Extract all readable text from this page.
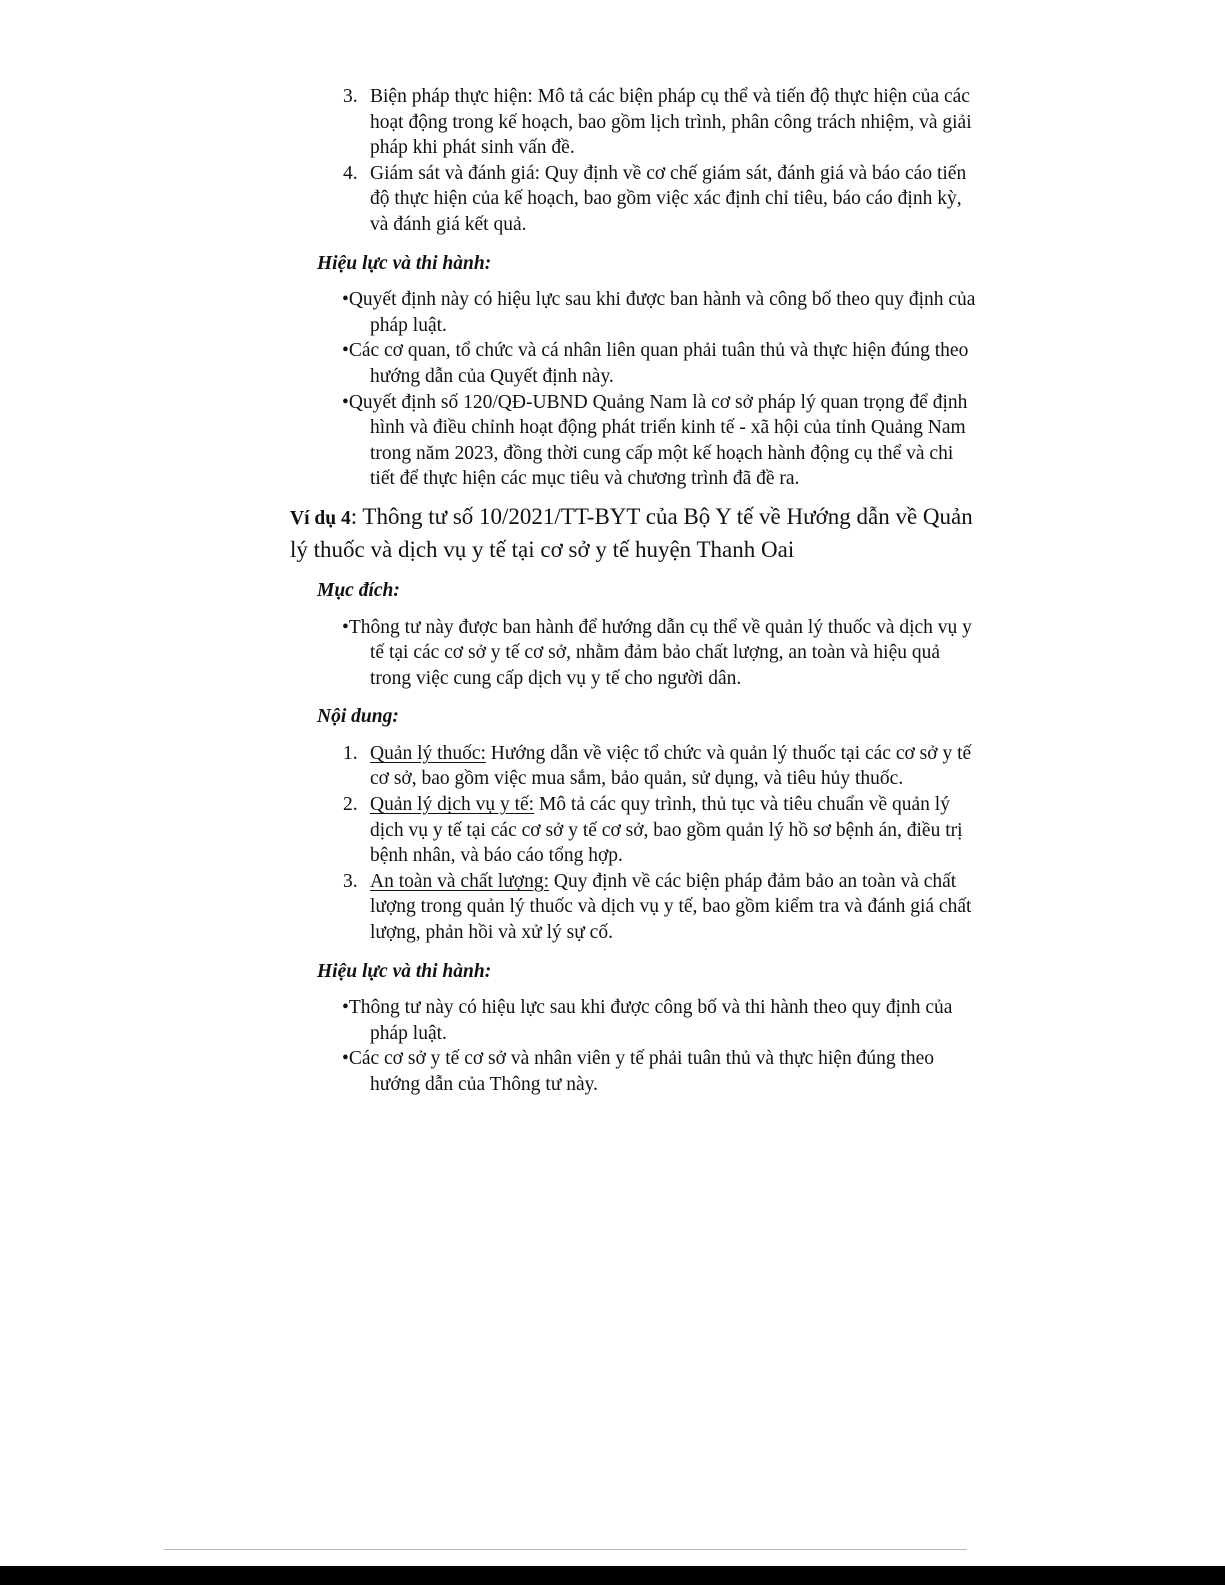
3. Biện pháp thực hiện: Mô tả các biện pháp cụ thể và tiến độ thực hiện của các hoạt động trong kế hoạch, bao gồm lịch trình, phân công trách nhiệm, và giải pháp khi phát sinh vấn đề.
4. Giám sát và đánh giá: Quy định về cơ chế giám sát, đánh giá và báo cáo tiến độ thực hiện của kế hoạch, bao gồm việc xác định chỉ tiêu, báo cáo định kỳ, và đánh giá kết quả.
Hiệu lực và thi hành:
•Quyết định này có hiệu lực sau khi được ban hành và công bố theo quy định của pháp luật.
•Các cơ quan, tổ chức và cá nhân liên quan phải tuân thủ và thực hiện đúng theo hướng dẫn của Quyết định này.
•Quyết định số 120/QĐ-UBND Quảng Nam là cơ sở pháp lý quan trọng để định hình và điều chỉnh hoạt động phát triển kinh tế - xã hội của tỉnh Quảng Nam trong năm 2023, đồng thời cung cấp một kế hoạch hành động cụ thể và chi tiết để thực hiện các mục tiêu và chương trình đã đề ra.
Ví dụ 4: Thông tư số 10/2021/TT-BYT của Bộ Y tế về Hướng dẫn về Quản lý thuốc và dịch vụ y tế tại cơ sở y tế huyện Thanh Oai
Mục đích:
•Thông tư này được ban hành để hướng dẫn cụ thể về quản lý thuốc và dịch vụ y tế tại các cơ sở y tế cơ sở, nhằm đảm bảo chất lượng, an toàn và hiệu quả trong việc cung cấp dịch vụ y tế cho người dân.
Nội dung:
1. Quản lý thuốc: Hướng dẫn về việc tổ chức và quản lý thuốc tại các cơ sở y tế cơ sở, bao gồm việc mua sắm, bảo quản, sử dụng, và tiêu hủy thuốc.
2. Quản lý dịch vụ y tế: Mô tả các quy trình, thủ tục và tiêu chuẩn về quản lý dịch vụ y tế tại các cơ sở y tế cơ sở, bao gồm quản lý hồ sơ bệnh án, điều trị bệnh nhân, và báo cáo tổng hợp.
3. An toàn và chất lượng: Quy định về các biện pháp đảm bảo an toàn và chất lượng trong quản lý thuốc và dịch vụ y tế, bao gồm kiểm tra và đánh giá chất lượng, phản hồi và xử lý sự cố.
Hiệu lực và thi hành:
•Thông tư này có hiệu lực sau khi được công bố và thi hành theo quy định của pháp luật.
•Các cơ sở y tế cơ sở và nhân viên y tế phải tuân thủ và thực hiện đúng theo hướng dẫn của Thông tư này.
